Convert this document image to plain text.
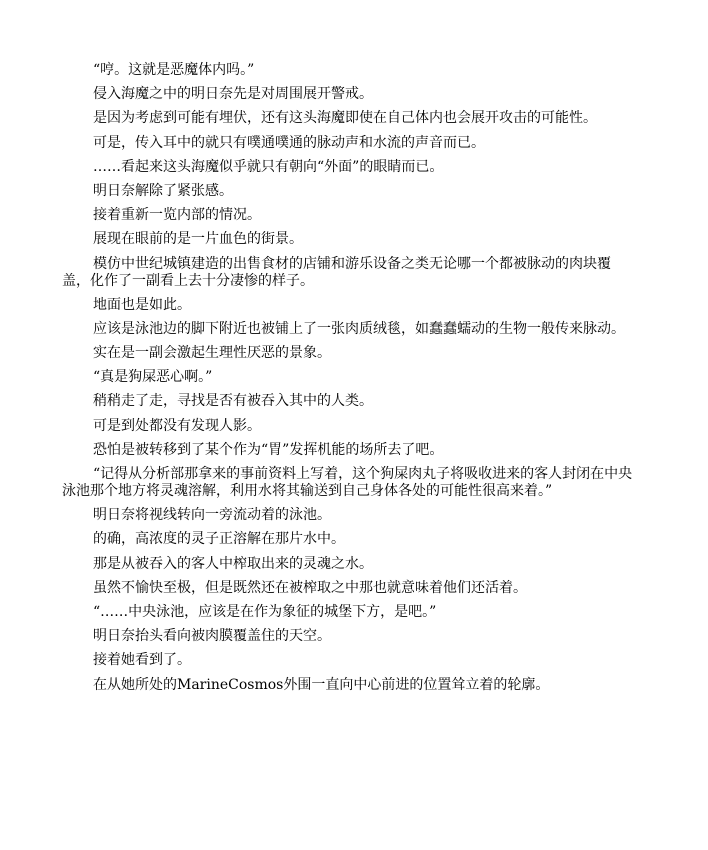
“哼。这就是恶魔体内吗。”

侵入海魔之中的明日奈先是对周围展开警戒。

是因为考虑到可能有埋伏，还有这头海魔即使在自己体内也会展开攻击的可能性。

可是，传入耳中的就只有噗通噗通的脉动声和水流的声音而已。

……看起来这头海魔似乎就只有朝向“外面”的眼睛而已。

明日奈解除了紧张感。

接着重新一览内部的情况。

展现在眼前的是一片血色的街景。

模仿中世纪城镇建造的出售食材的店铺和游乐设备之类无论哪一个都被脉动的肉块覆盖，化作了一副看上去十分凄惨的样子。

地面也是如此。

应该是泳池边的脚下附近也被铺上了一张肉质绒毯，如蠢蠢蠕动的生物一般传来脉动。

实在是一副会激起生理性厌恶的景象。

“真是狗屎恶心啊。”

稍稍走了走，寻找是否有被吞入其中的人类。

可是到处都没有发现人影。

恐怕是被转移到了某个作为“胃”发挥机能的场所去了吧。

“记得从分析部那拿来的事前资料上写着，这个狗屎肉丸子将吸收进来的客人封闭在中央泳池那个地方将灵魂溶解，利用水将其输送到自己身体各处的可能性很高来着。”

明日奈将视线转向一旁流动着的泳池。

的确，高浓度的灵子正溶解在那片水中。

那是从被吞入的客人中榨取出来的灵魂之水。

虽然不愉快至极，但是既然还在被榨取之中那也就意味着他们还活着。

“……中央泳池，应该是在作为象征的城堡下方，是吧。”

明日奈抬头看向被肉膜覆盖住的天空。

接着她看到了。

在从她所处的MarineCosmos外围一直向中心前进的位置耸立着的轮廓。
